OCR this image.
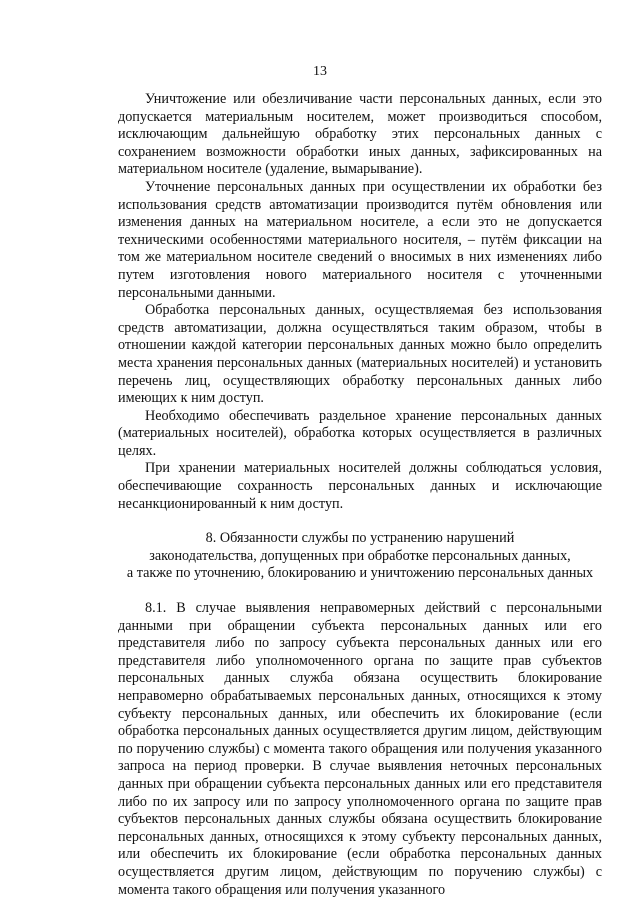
13

Уничтожение или обезличивание части персональных данных, если это допускается материальным носителем, может производиться способом, исключающим дальнейшую обработку этих персональных данных с сохранением возможности обработки иных данных, зафиксированных на материальном носителе (удаление, вымарывание).

Уточнение персональных данных при осуществлении их обработки без использования средств автоматизации производится путём обновления или изменения данных на материальном носителе, а если это не допускается техническими особенностями материального носителя, – путём фиксации на том же материальном носителе сведений о вносимых в них изменениях либо путем изготовления нового материального носителя с уточненными персональными данными.

Обработка персональных данных, осуществляемая без использования средств автоматизации, должна осуществляться таким образом, чтобы в отношении каждой категории персональных данных можно было определить места хранения персональных данных (материальных носителей) и установить перечень лиц, осуществляющих обработку персональных данных либо имеющих к ним доступ.

Необходимо обеспечивать раздельное хранение персональных данных (материальных носителей), обработка которых осуществляется в различных целях.

При хранении материальных носителей должны соблюдаться условия, обеспечивающие сохранность персональных данных и исключающие несанкционированный к ним доступ.

8. Обязанности службы по устранению нарушений
законодательства, допущенных при обработке персональных данных,
а также по уточнению, блокированию и уничтожению персональных данных

8.1. В случае выявления неправомерных действий с персональными данными при обращении субъекта персональных данных или его представителя либо по запросу субъекта персональных данных или его представителя либо уполномоченного органа по защите прав субъектов персональных данных служба обязана осуществить блокирование неправомерно обрабатываемых персональных данных, относящихся к этому субъекту персональных данных, или обеспечить их блокирование (если обработка персональных данных осуществляется другим лицом, действующим по поручению службы) с момента такого обращения или получения указанного запроса на период проверки. В случае выявления неточных персональных данных при обращении субъекта персональных данных или его представителя либо по их запросу или по запросу уполномоченного органа по защите прав субъектов персональных данных службы обязана осуществить блокирование персональных данных, относящихся к этому субъекту персональных данных, или обеспечить их блокирование (если обработка персональных данных осуществляется другим лицом, действующим по поручению службы) с момента такого обращения или получения указанного
